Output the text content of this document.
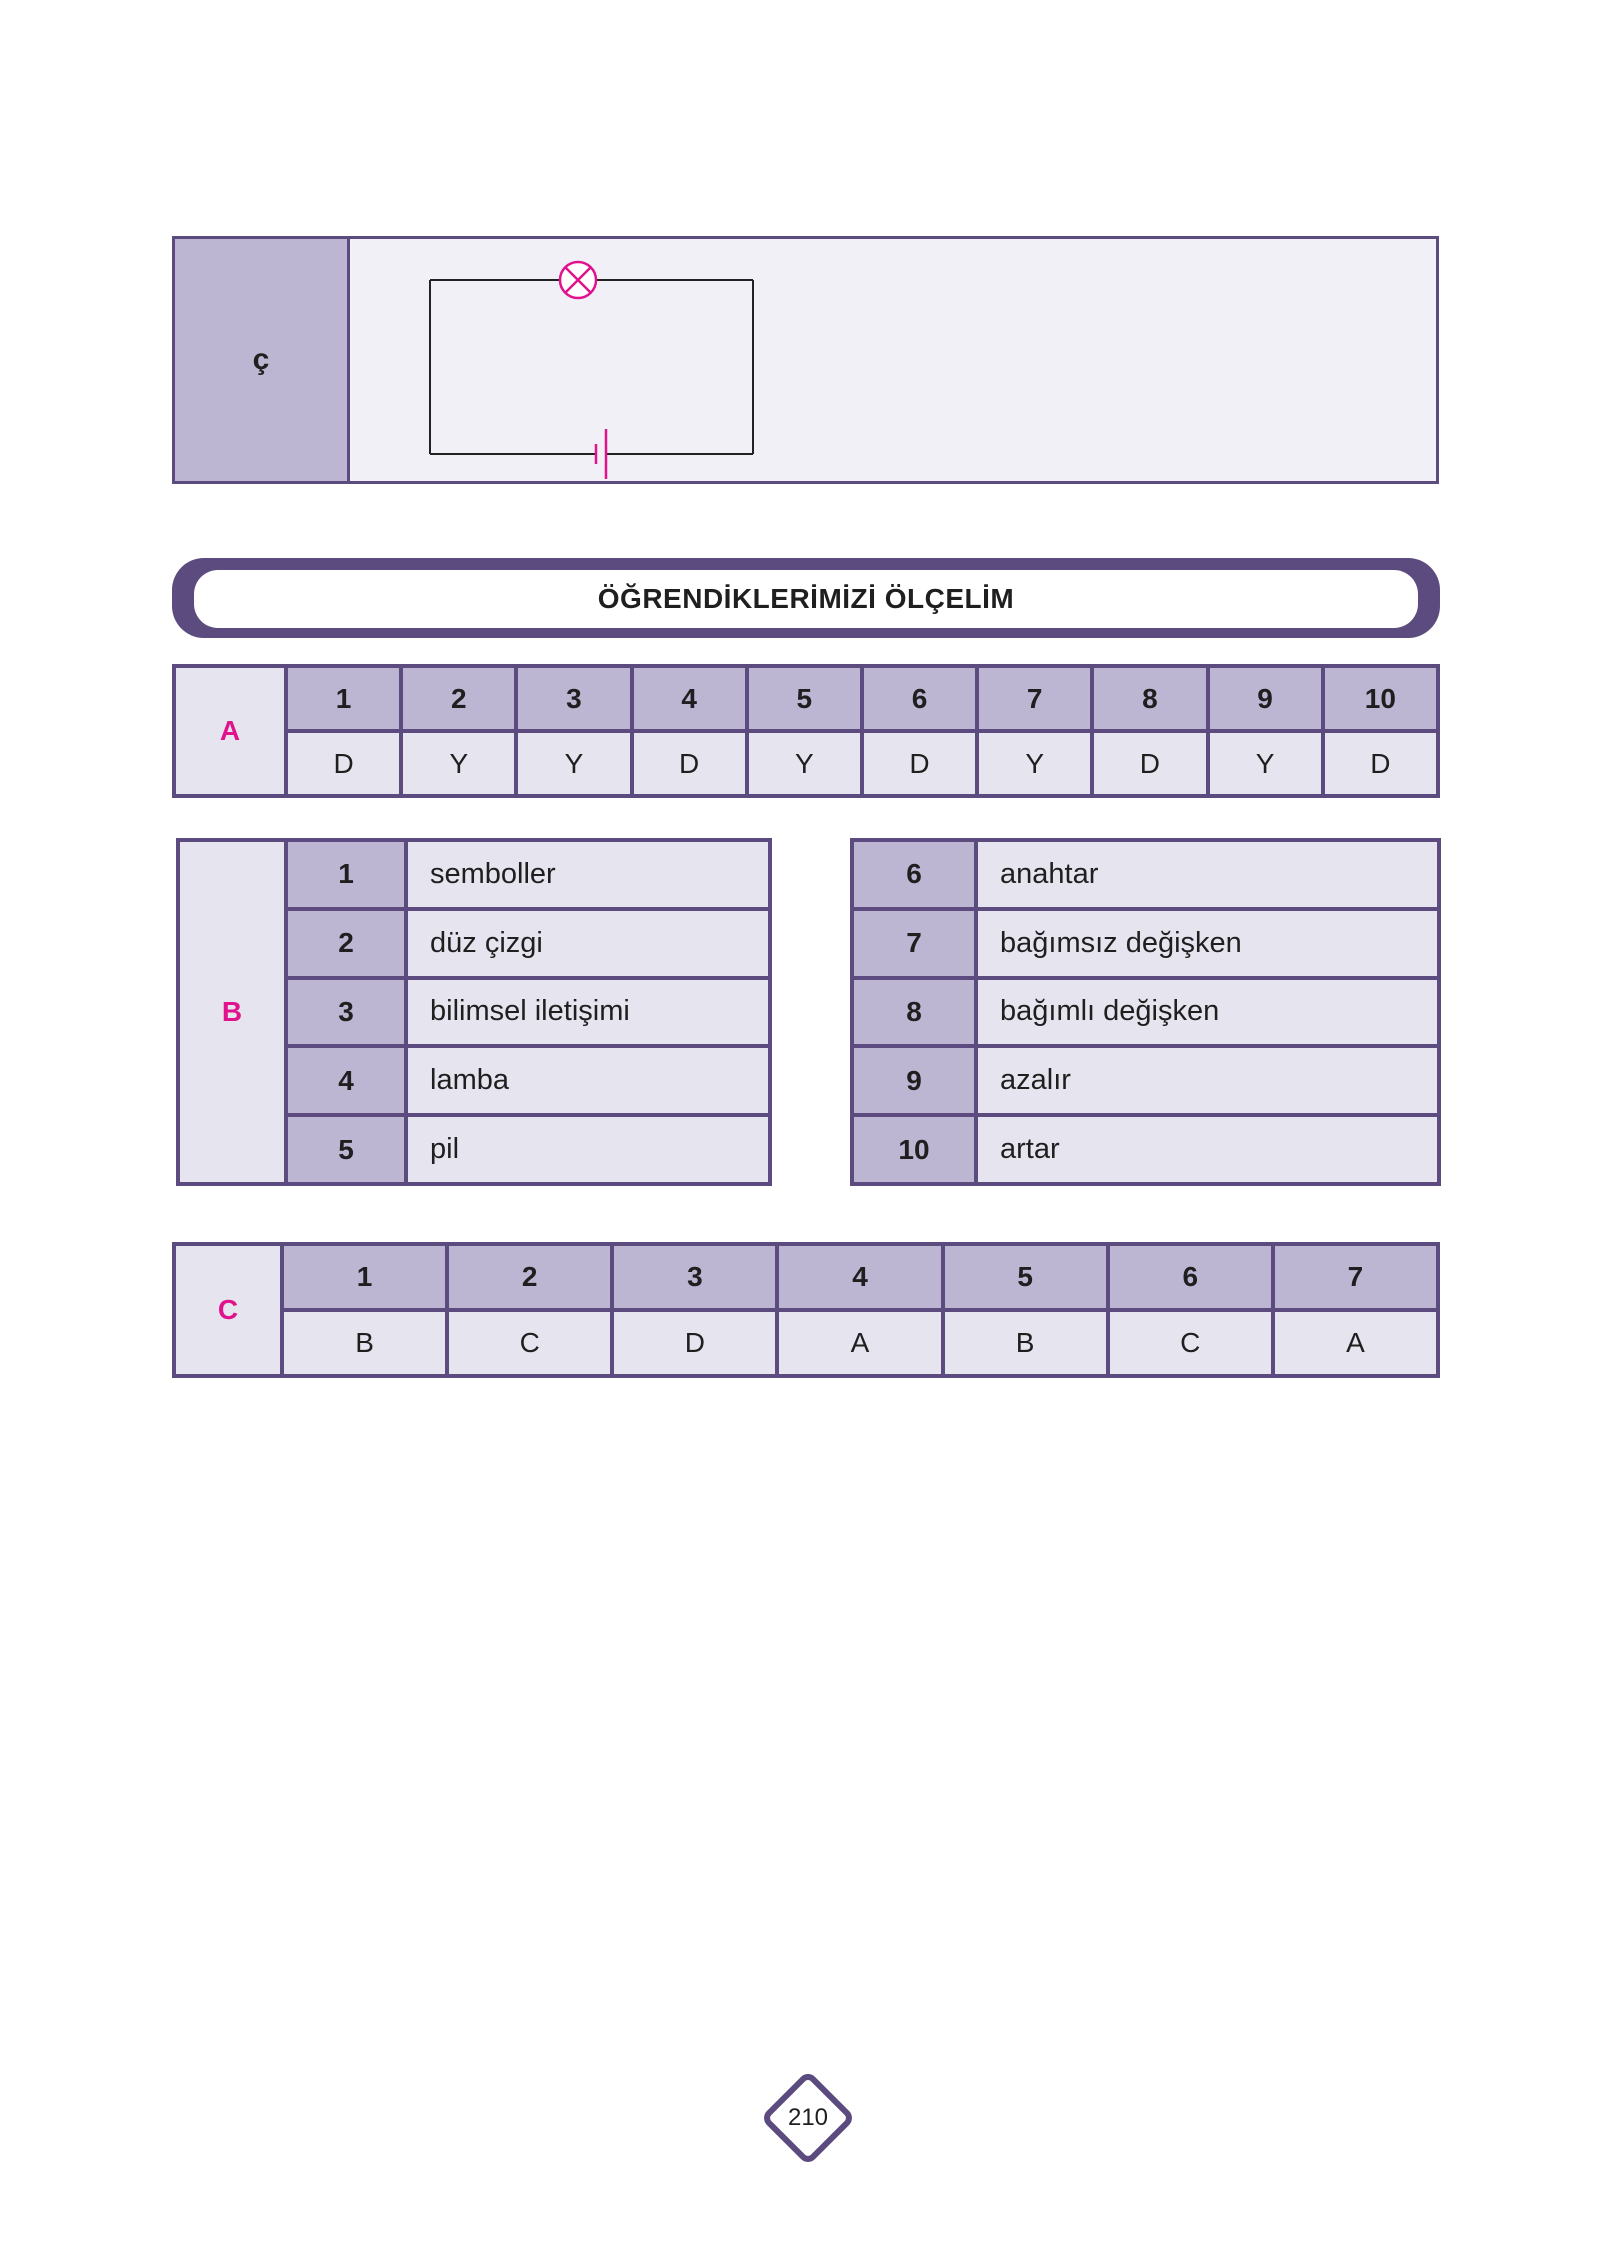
ç
ÖĞRENDİKLERİMİZİ ÖLÇELİM
A	1	2	3	4	5	6	7	8	9	10
	D	Y	Y	D	Y	D	Y	D	Y	D
B	1	semboller
	2	düz çizgi
	3	bilimsel iletişimi
	4	lamba
	5	pil
6	anahtar
7	bağımsız değişken
8	bağımlı değişken
9	azalır
10	artar
C	1	2	3	4	5	6	7
	B	C	D	A	B	C	A
210
